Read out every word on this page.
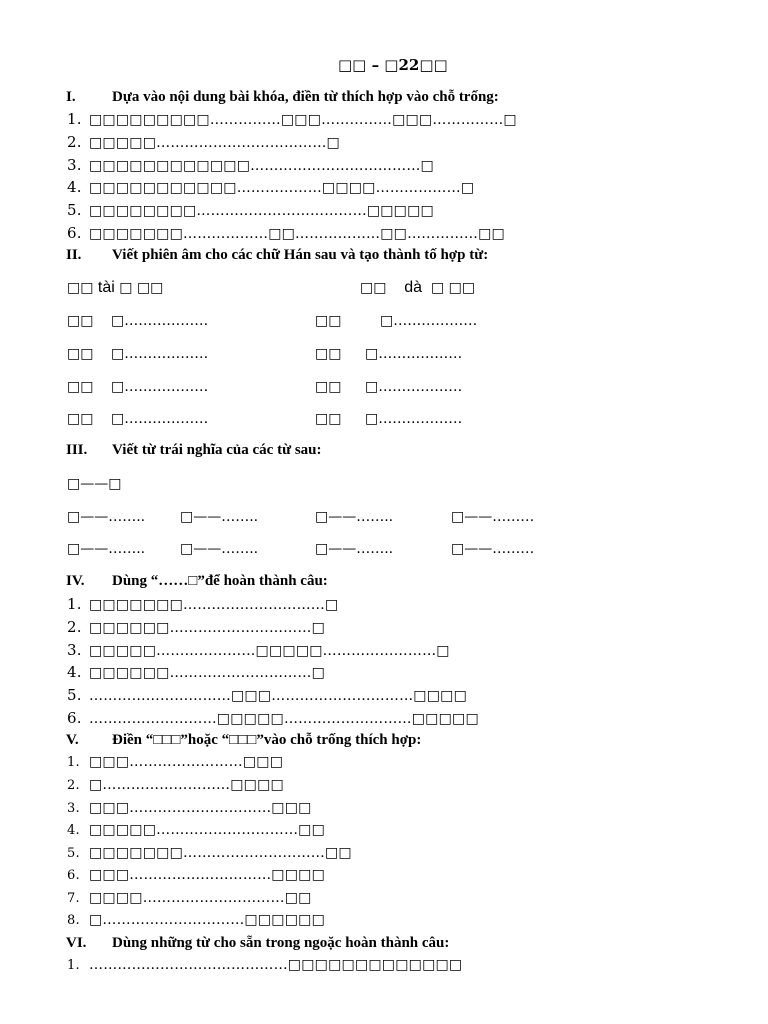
□□ – □22□□
I. Dựa vào nội dung bài khóa, điền từ thích hợp vào chỗ trống:
1. □□□□□□□□□……………□□□……………□□□……………□
2. □□□□□………………………………□
3. □□□□□□□□□□□□………………………………□
4. □□□□□□□□□□□………………□□□□………………□
5. □□□□□□□□………………………………□□□□□
6. □□□□□□□………………□□………………□□……………□□
II. Viết phiên âm cho các chữ Hán sau và tạo thành tố hợp từ:
□□ tài □ □□	□□ dà □ □□
□□ □………………	□□	□………………
□□ □………………	□□ □………………
□□ □………………	□□ □………………
□□ □………………	□□ □………………
III. Viết từ trái nghĩa của các từ sau:
□——□
□——…….. □——……..	□——……..	□——………
□——…….. □——……..	□——……..	□——………
IV. Dùng “……□”để hoàn thành câu:
1. □□□□□□□…………………………□
2. □□□□□□…………………………□
3. □□□□□…………………□□□□□……………………□
4. □□□□□□…………………………□
5. …………………………□□□…………………………□□□□
6. ………………………□□□□□………………………□□□□□
V. Điền “□□□”hoặc “□□□”vào chỗ trống thích hợp:
1. □□□……………………□□□
2. □………………………□□□□
3. □□□…………………………□□□
4. □□□□□…………………………□□
5. □□□□□□□…………………………□□
6. □□□…………………………□□□□
7. □□□□…………………………□□
8. □…………………………□□□□□□
VI. Dùng những từ cho sẵn trong ngoặc hoàn thành câu:
1. ……………………………………□□□□□□□□□□□□□
